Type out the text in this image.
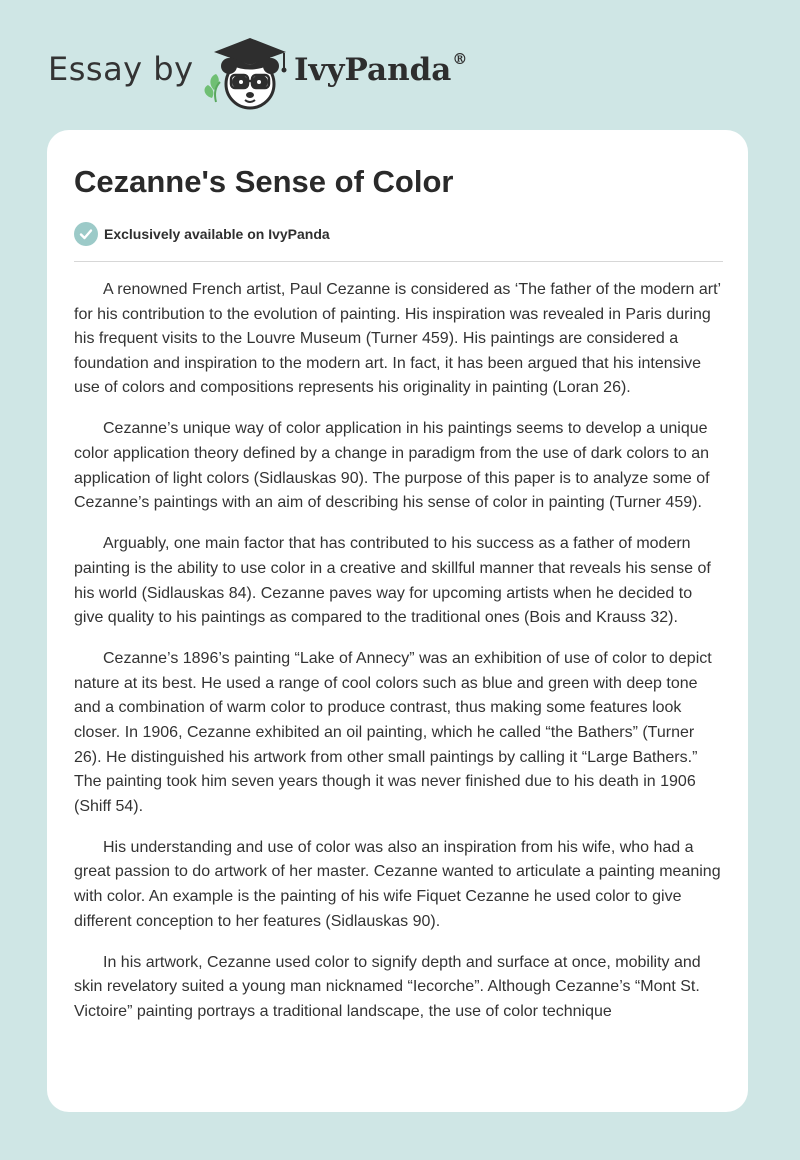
Essay by	IvyPanda®
Cezanne's Sense of Color
Exclusively available on IvyPanda

A renowned French artist, Paul Cezanne is considered as ‘The father of the modern art’ for his contribution to the evolution of painting. His inspiration was revealed in Paris during his frequent visits to the Louvre Museum (Turner 459). His paintings are considered a foundation and inspiration to the modern art. In fact, it has been argued that his intensive use of colors and compositions represents his originality in painting (Loran 26).

Cezanne’s unique way of color application in his paintings seems to develop a unique color application theory defined by a change in paradigm from the use of dark colors to an application of light colors (Sidlauskas 90). The purpose of this paper is to analyze some of Cezanne’s paintings with an aim of describing his sense of color in painting (Turner 459).

Arguably, one main factor that has contributed to his success as a father of modern painting is the ability to use color in a creative and skillful manner that reveals his sense of his world (Sidlauskas 84). Cezanne paves way for upcoming artists when he decided to give quality to his paintings as compared to the traditional ones (Bois and Krauss 32).

Cezanne’s 1896’s painting “Lake of Annecy” was an exhibition of use of color to depict nature at its best. He used a range of cool colors such as blue and green with deep tone and a combination of warm color to produce contrast, thus making some features look closer. In 1906, Cezanne exhibited an oil painting, which he called “the Bathers” (Turner 26). He distinguished his artwork from other small paintings by calling it “Large Bathers.” The painting took him seven years though it was never finished due to his death in 1906 (Shiff 54).

His understanding and use of color was also an inspiration from his wife, who had a great passion to do artwork of her master. Cezanne wanted to articulate a painting meaning with color. An example is the painting of his wife Fiquet Cezanne he used color to give different conception to her features (Sidlauskas 90).

In his artwork, Cezanne used color to signify depth and surface at once, mobility and skin revelatory suited a young man nicknamed “Iecorche”. Although Cezanne’s “Mont St. Victoire” painting portrays a traditional landscape, the use of color technique
